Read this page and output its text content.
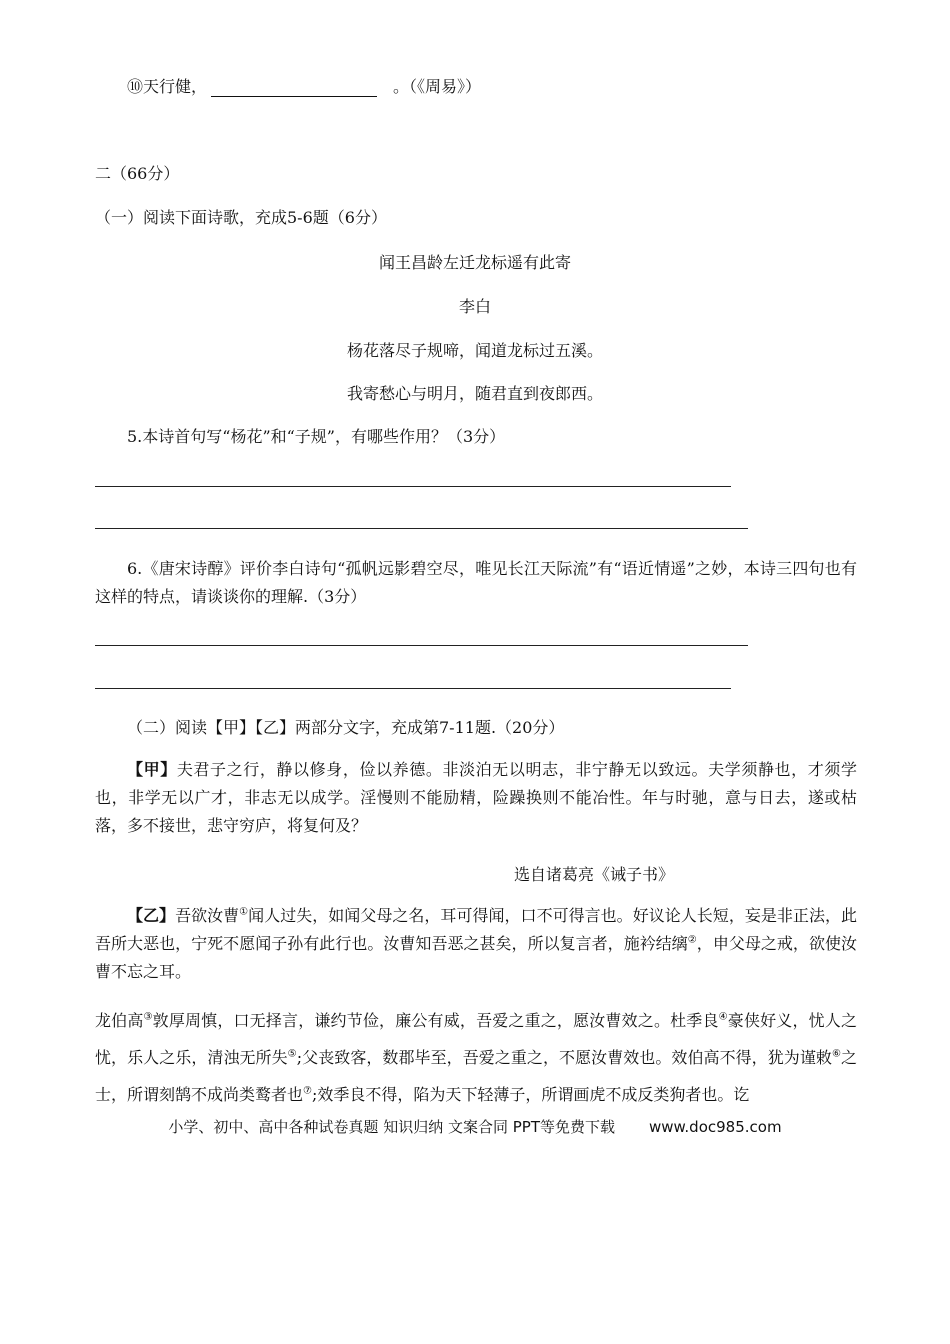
⑩天行健，	。（《周易》）
二（66分）
（一）阅读下面诗歌，充成5-6题（6分）
闻王昌龄左迁龙标遥有此寄
李白
杨花落尽子规啼，闻道龙标过五溪。
我寄愁心与明月，随君直到夜郎西。
5.本诗首句写“杨花”和“子规”，有哪些作用？（3分）
6.《唐宋诗醇》评价李白诗句“孤帆远影碧空尽，唯见长江天际流”有“语近情遥”之妙，本诗三四句也有这样的特点，请谈谈你的理解.（3分）
（二）阅读【甲】【乙】两部分文字，充成第7-11题.（20分）
【甲】夫君子之行，静以修身，俭以养德。非淡泊无以明志，非宁静无以致远。夫学须静也，才须学也，非学无以广才，非志无以成学。淫慢则不能励精，险躁换则不能冶性。年与时驰，意与日去，遂或枯落，多不接世，悲守穷庐，将复何及？
选自诸葛亮《诫子书》
【乙】吾欲汝曹①闻人过失，如闻父母之名，耳可得闻，口不可得言也。好议论人长短，妄是非正法，此吾所大恶也，宁死不愿闻子孙有此行也。汝曹知吾恶之甚矣，所以复言者，施衿结缡②，申父母之戒，欲使汝曹不忘之耳。
龙伯高③敦厚周慎，口无择言，谦约节俭，廉公有威，吾爱之重之，愿汝曹效之。杜季良④豪侠好义，忧人之忧，乐人之乐，清浊无所失⑤;父丧致客，数郡毕至，吾爱之重之，不愿汝曹效也。效伯高不得，犹为谨敕⑥之士，所谓刻鹄不成尚类鹜者也⑦;效季良不得，陷为天下轻薄子，所谓画虎不成反类狗者也。讫
小学、初中、高中各种试卷真题 知识归纳 文案合同 PPT等免费下载 www.doc985.com
